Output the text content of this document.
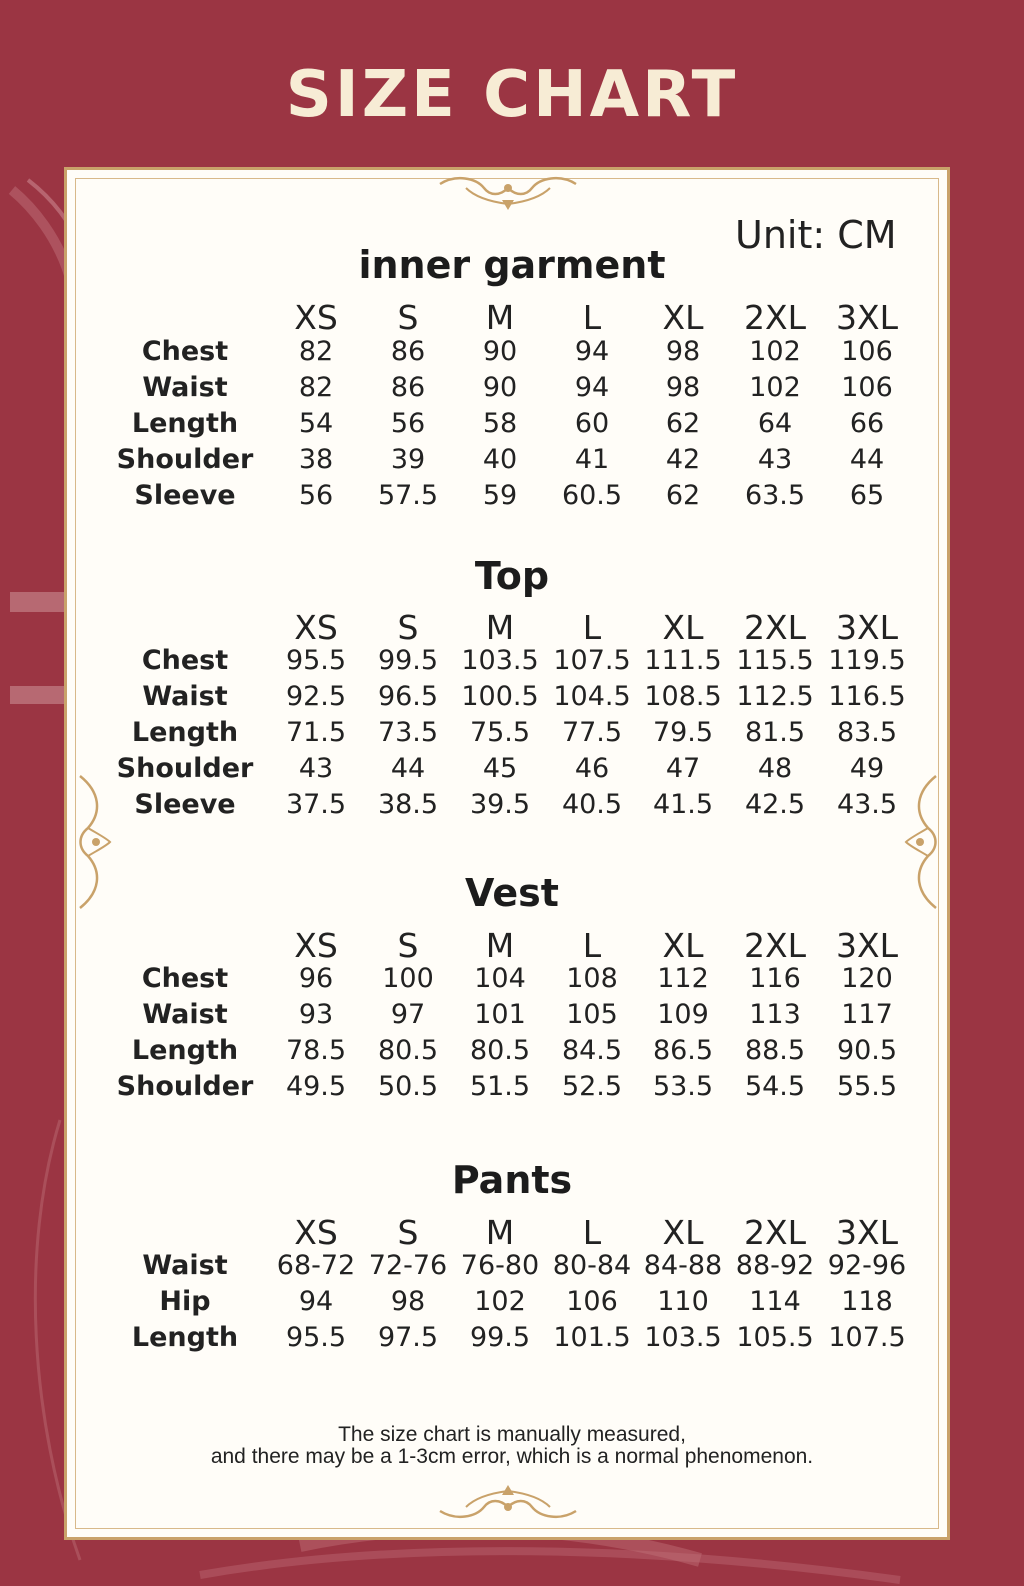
SIZE CHART
Unit: CM
inner garment
XS	S	M	L	XL	2XL 3XL
Chest	82	86	90	94	98	102	106
Waist	82	86	90	94	98	102	106
Length	54	56	58	60	62	64	66
Shoulder	38	39	40	41	42	43	44
Sleeve	56	57.5	59	60.5	62	63.5	65
Top
XS	S	M	L	XL	2XL 3XL
Chest	95.5	99.5 103.5 107.5 111.5 115.5 119.5
Waist	92.5	96.5 100.5 104.5 108.5 112.5 116.5
Length	71.5	73.5	75.5	77.5	79.5	81.5	83.5
Shoulder	43	44	45	46	47	48	49
Sleeve	37.5	38.5	39.5	40.5	41.5	42.5	43.5
Vest
XS	S	M	L	XL	2XL 3XL
Chest	96	100	104	108	112	116	120
Waist	93	97	101	105	109	113	117
Length	78.5	80.5	80.5	84.5	86.5	88.5	90.5
Shoulder	49.5	50.5	51.5	52.5	53.5	54.5	55.5
Pants
XS	S	M	L	XL	2XL 3XL
Waist	68-72 72-76 76-80 80-84 84-88 88-92 92-96
Hip	94	98	102	106	110	114	118
Length	95.5	97.5	99.5 101.5 103.5 105.5 107.5
The size chart is manually measured,
and there may be a 1-3cm error, which is a normal phenomenon.
